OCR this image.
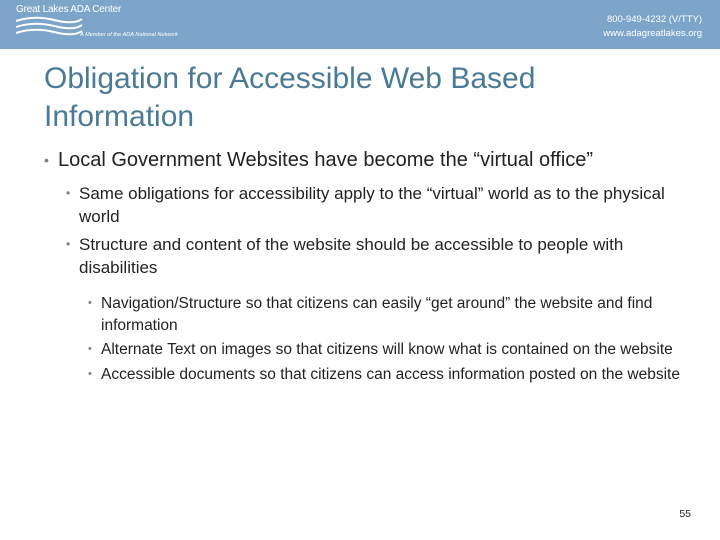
Great Lakes ADA Center
A Member of the ADA National Network
800-949-4232 (V/TTY)
www.adagreatlakes.org
Obligation for Accessible Web Based Information
• Local Government Websites have become the “virtual office”
• Same obligations for accessibility apply to the “virtual” world as to the physical world
• Structure and content of the website should be accessible to people with disabilities
• Navigation/Structure so that citizens can easily “get around” the website and find information
• Alternate Text on images so that citizens will know what is contained on the website
• Accessible documents so that citizens can access information posted on the website
55
